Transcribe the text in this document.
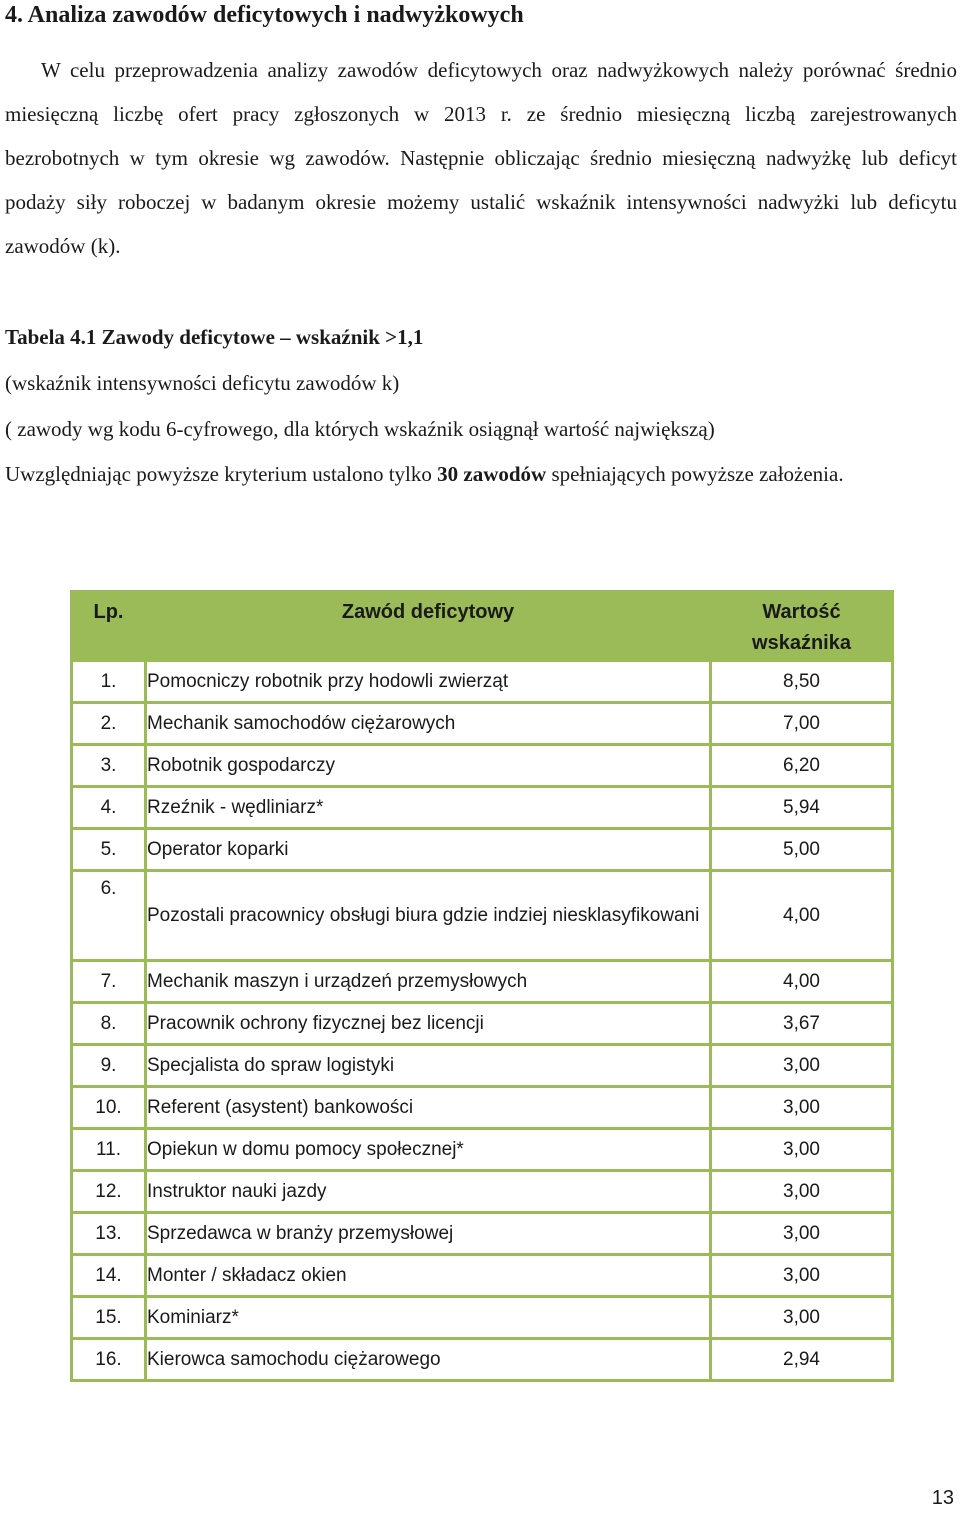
4. Analiza zawodów deficytowych i nadwyżkowych

W celu przeprowadzenia analizy zawodów deficytowych oraz nadwyżkowych należy porównać średnio miesięczną liczbę ofert pracy zgłoszonych w 2013 r. ze średnio miesięczną liczbą zarejestrowanych bezrobotnych w tym okresie wg zawodów. Następnie obliczając średnio miesięczną nadwyżkę lub deficyt podaży siły roboczej w badanym okresie możemy ustalić wskaźnik intensywności nadwyżki lub deficytu zawodów (k).

Tabela 4.1 Zawody deficytowe – wskaźnik >1,1

(wskaźnik intensywności deficytu zawodów k)

( zawody wg kodu 6-cyfrowego, dla których wskaźnik osiągnął wartość największą)

Uwzględniając powyższe kryterium ustalono tylko 30 zawodów spełniających powyższe założenia.

Lp.	Zawód deficytowy	Wartość
wskaźnika
1.	Pomocniczy robotnik przy hodowli zwierząt	8,50
2.	Mechanik samochodów ciężarowych	7,00
3.	Robotnik gospodarczy	6,20
4.	Rzeźnik - wędliniarz*	5,94
5.	Operator koparki	5,00
6.	Pozostali pracownicy obsługi biura gdzie indziej niesklasyfikowani	4,00
7.	Mechanik maszyn i urządzeń przemysłowych	4,00
8.	Pracownik ochrony fizycznej bez licencji	3,67
9.	Specjalista do spraw logistyki	3,00
10.	Referent (asystent) bankowości	3,00
11.	Opiekun w domu pomocy społecznej*	3,00
12.	Instruktor nauki jazdy	3,00
13.	Sprzedawca w branży przemysłowej	3,00
14.	Monter / składacz okien	3,00
15.	Kominiarz*	3,00
16.	Kierowca samochodu ciężarowego	2,94

13
